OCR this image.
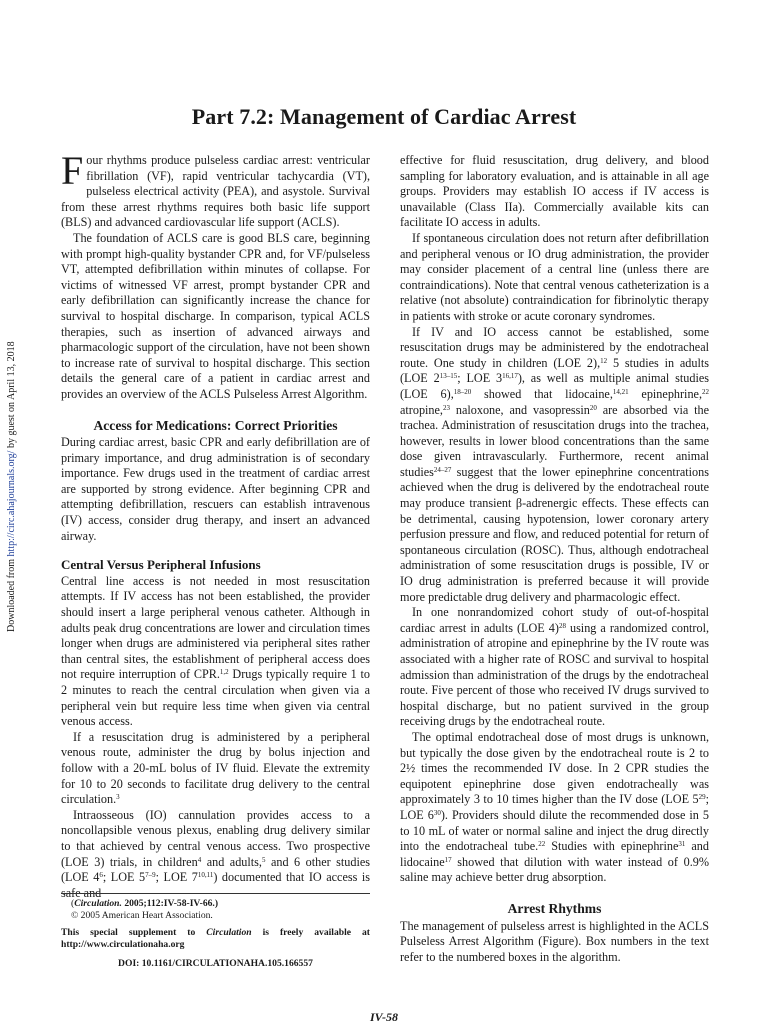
Part 7.2: Management of Cardiac Arrest
Downloaded from http://circ.ahajournals.org/ by guest on April 13, 2018

Four rhythms produce pulseless cardiac arrest: ventricular fibrillation (VF), rapid ventricular tachycardia (VT), pulseless electrical activity (PEA), and asystole. Survival from these arrest rhythms requires both basic life support (BLS) and advanced cardiovascular life support (ACLS).

The foundation of ACLS care is good BLS care, beginning with prompt high-quality bystander CPR and, for VF/pulseless VT, attempted defibrillation within minutes of collapse. For victims of witnessed VF arrest, prompt bystander CPR and early defibrillation can significantly increase the chance for survival to hospital discharge. In comparison, typical ACLS therapies, such as insertion of advanced airways and pharmacologic support of the circulation, have not been shown to increase rate of survival to hospital discharge. This section details the general care of a patient in cardiac arrest and provides an overview of the ACLS Pulseless Arrest Algorithm.

Access for Medications: Correct Priorities

During cardiac arrest, basic CPR and early defibrillation are of primary importance, and drug administration is of secondary importance. Few drugs used in the treatment of cardiac arrest are supported by strong evidence. After beginning CPR and attempting defibrillation, rescuers can establish intravenous (IV) access, consider drug therapy, and insert an advanced airway.

Central Versus Peripheral Infusions

Central line access is not needed in most resuscitation attempts. If IV access has not been established, the provider should insert a large peripheral venous catheter. Although in adults peak drug concentrations are lower and circulation times longer when drugs are administered via peripheral sites rather than central sites, the establishment of peripheral access does not require interruption of CPR.$^{1,2}$ Drugs typically require 1 to 2 minutes to reach the central circulation when given via a peripheral vein but require less time when given via central venous access.

If a resuscitation drug is administered by a peripheral venous route, administer the drug by bolus injection and follow with a 20-mL bolus of IV fluid. Elevate the extremity for 10 to 20 seconds to facilitate drug delivery to the central circulation.$^3$

Intraosseous (IO) cannulation provides access to a noncollapsible venous plexus, enabling drug delivery similar to that achieved by central venous access. Two prospective (LOE 3) trials, in children$^4$ and adults,$^5$ and 6 other studies (LOE $4^6$; LOE 5$^{7-9}$; LOE 7$^{10,11}$) documented that IO access is safe and

effective for fluid resuscitation, drug delivery, and blood sampling for laboratory evaluation, and is attainable in all age groups. Providers may establish IO access if IV access is unavailable (Class IIa). Commercially available kits can facilitate IO access in adults.

If spontaneous circulation does not return after defibrillation and peripheral venous or IO drug administration, the provider may consider placement of a central line (unless there are contraindications). Note that central venous catheterization is a relative (not absolute) contraindication for fibrinolytic therapy in patients with stroke or acute coronary syndromes.

If IV and IO access cannot be established, some resuscitation drugs may be administered by the endotracheal route. One study in children (LOE 2),$^{12}$ 5 studies in adults (LOE 2$^{13-15}$; LOE 3$^{16,17}$), as well as multiple animal studies (LOE 6),$^{18-20}$ showed that lidocaine,$^{14,21}$ epinephrine,$^{22}$ atropine,$^{23}$ naloxone, and vasopressin$^{20}$ are absorbed via the trachea. Administration of resuscitation drugs into the trachea, however, results in lower blood concentrations than the same dose given intravascularly. Furthermore, recent animal studies$^{24-27}$ suggest that the lower epinephrine concentrations achieved when the drug is delivered by the endotracheal route may produce transient β-adrenergic effects. These effects can be detrimental, causing hypotension, lower coronary artery perfusion pressure and flow, and reduced potential for return of spontaneous circulation (ROSC). Thus, although endotracheal administration of some resuscitation drugs is possible, IV or IO drug administration is preferred because it will provide more predictable drug delivery and pharmacologic effect.

In one nonrandomized cohort study of out-of-hospital cardiac arrest in adults (LOE 4)$^{28}$ using a randomized control, administration of atropine and epinephrine by the IV route was associated with a higher rate of ROSC and survival to hospital admission than administration of the drugs by the endotracheal route. Five percent of those who received IV drugs survived to hospital discharge, but no patient survived in the group receiving drugs by the endotracheal route.

The optimal endotracheal dose of most drugs is unknown, but typically the dose given by the endotracheal route is 2 to 2½ times the recommended IV dose. In 2 CPR studies the equipotent epinephrine dose given endotracheally was approximately 3 to 10 times higher than the IV dose (LOE $5^{29}$; LOE $6^{30}$). Providers should dilute the recommended dose in 5 to 10 mL of water or normal saline and inject the drug directly into the endotracheal tube.$^{22}$ Studies with epinephrine$^{31}$ and lidocaine$^{17}$ showed that dilution with water instead of 0.9% saline may achieve better drug absorption.

Arrest Rhythms

The management of pulseless arrest is highlighted in the ACLS Pulseless Arrest Algorithm (Figure). Box numbers in the text refer to the numbered boxes in the algorithm.

(Circulation. 2005;112:IV-58-IV-66.)
© 2005 American Heart Association.
This special supplement to Circulation is freely available at http://www.circulationaha.org
DOI: 10.1161/CIRCULATIONAHA.105.166557
IV-58
